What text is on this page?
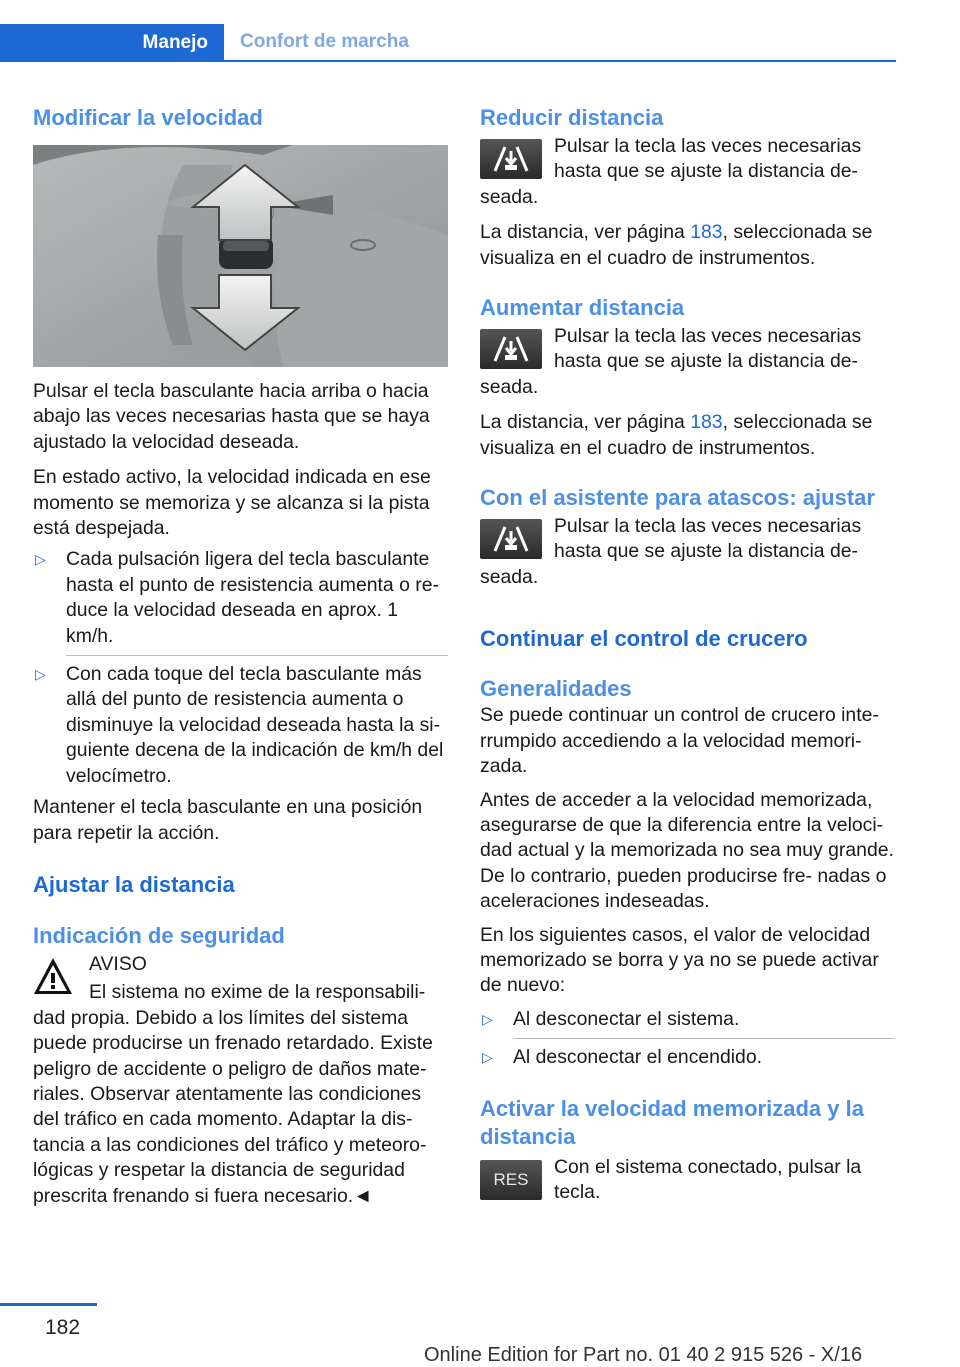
Manejo	Confort de marcha
Modificar la velocidad

Pulsar el tecla basculante hacia arriba o hacia abajo las veces necesarias hasta que se haya ajustado la velocidad deseada.

En estado activo, la velocidad indicada en ese momento se memoriza y se alcanza si la pista está despejada.

▷ Cada pulsación ligera del tecla basculante hasta el punto de resistencia aumenta o re‐ duce la velocidad deseada en aprox. 1 km/h.
▷ Con cada toque del tecla basculante más allá del punto de resistencia aumenta o disminuye la velocidad deseada hasta la si‐ guiente decena de la indicación de km/h del velocímetro.

Mantener el tecla basculante en una posición para repetir la acción.

Ajustar la distancia
Indicación de seguridad

AVISO

El sistema no exime de la responsabili‐ dad propia. Debido a los límites del sistema puede producirse un frenado retardado. Existe peligro de accidente o peligro de daños mate‐ riales. Observar atentamente las condiciones del tráfico en cada momento. Adaptar la dis‐ tancia a las condiciones del tráfico y meteoro‐ lógicas y respetar la distancia de seguridad prescrita frenando si fuera necesario.◄

Reducir distancia

Pulsar la tecla las veces necesarias hasta que se ajuste la distancia de‐ seada.

La distancia, ver página 183, seleccionada se visualiza en el cuadro de instrumentos.

Aumentar distancia

Pulsar la tecla las veces necesarias hasta que se ajuste la distancia de‐ seada.

La distancia, ver página 183, seleccionada se visualiza en el cuadro de instrumentos.

Con el asistente para atascos: ajustar

Pulsar la tecla las veces necesarias hasta que se ajuste la distancia de‐ seada.

Continuar el control de crucero
Generalidades

Se puede continuar un control de crucero inte‐ rrumpido accediendo a la velocidad memori‐ zada.

Antes de acceder a la velocidad memorizada, asegurarse de que la diferencia entre la veloci‐ dad actual y la memorizada no sea muy grande. De lo contrario, pueden producirse fre‐ nadas o aceleraciones indeseadas.

En los siguientes casos, el valor de velocidad memorizado se borra y ya no se puede activar de nuevo:

▷ Al desconectar el sistema.
▷ Al desconectar el encendido.
Activar la velocidad memorizada y la distancia
RES

Con el sistema conectado, pulsar la tecla.

182
Online Edition for Part no. 01 40 2 915 526 - X/16
